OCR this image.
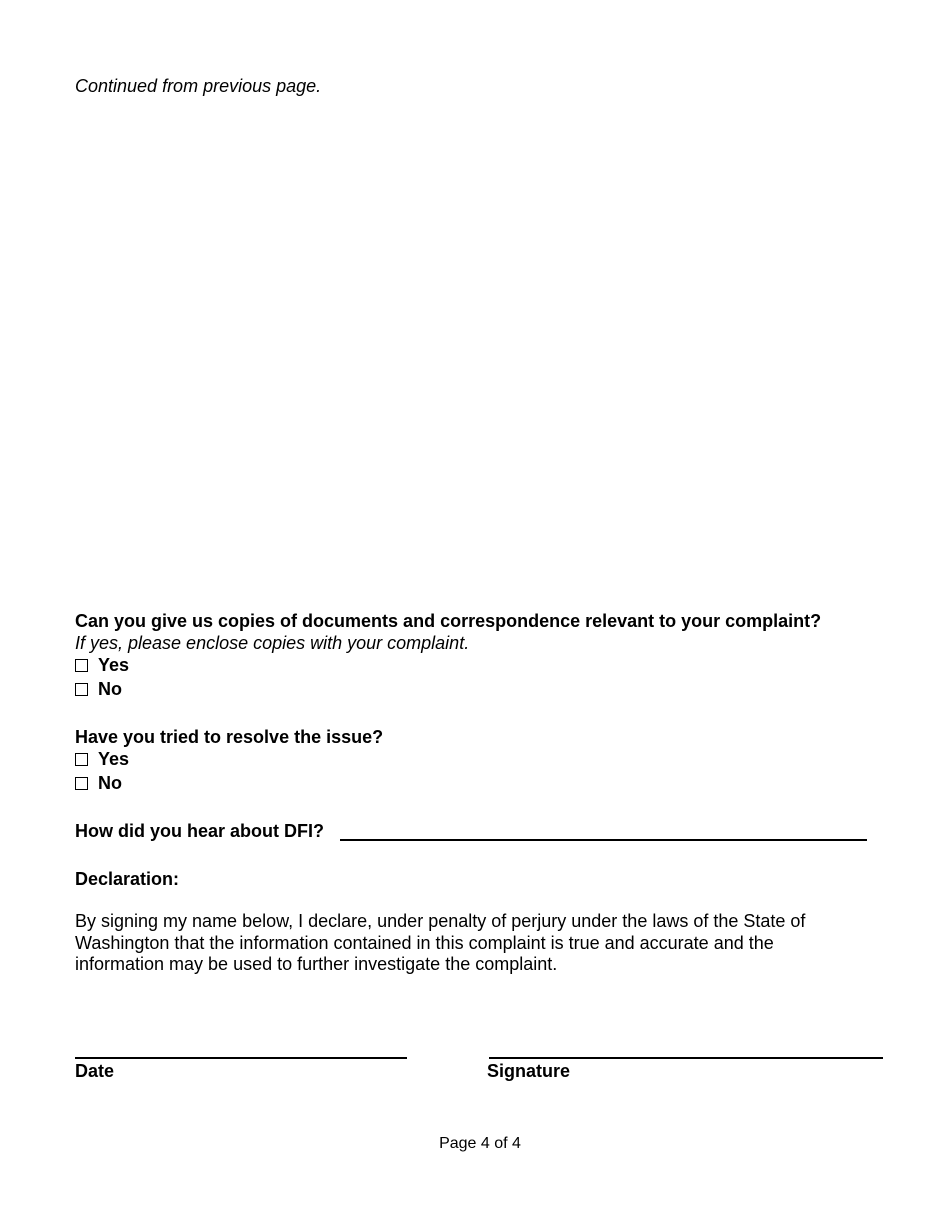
Continued from previous page.
Can you give us copies of documents and correspondence relevant to your complaint?
If yes, please enclose copies with your complaint.
Yes
No
Have you tried to resolve the issue?
Yes
No
How did you hear about DFI?
Declaration:
By signing my name below, I declare, under penalty of perjury under the laws of the State of Washington that the information contained in this complaint is true and accurate and the information may be used to further investigate the complaint.
Date	Signature
Page 4 of 4
